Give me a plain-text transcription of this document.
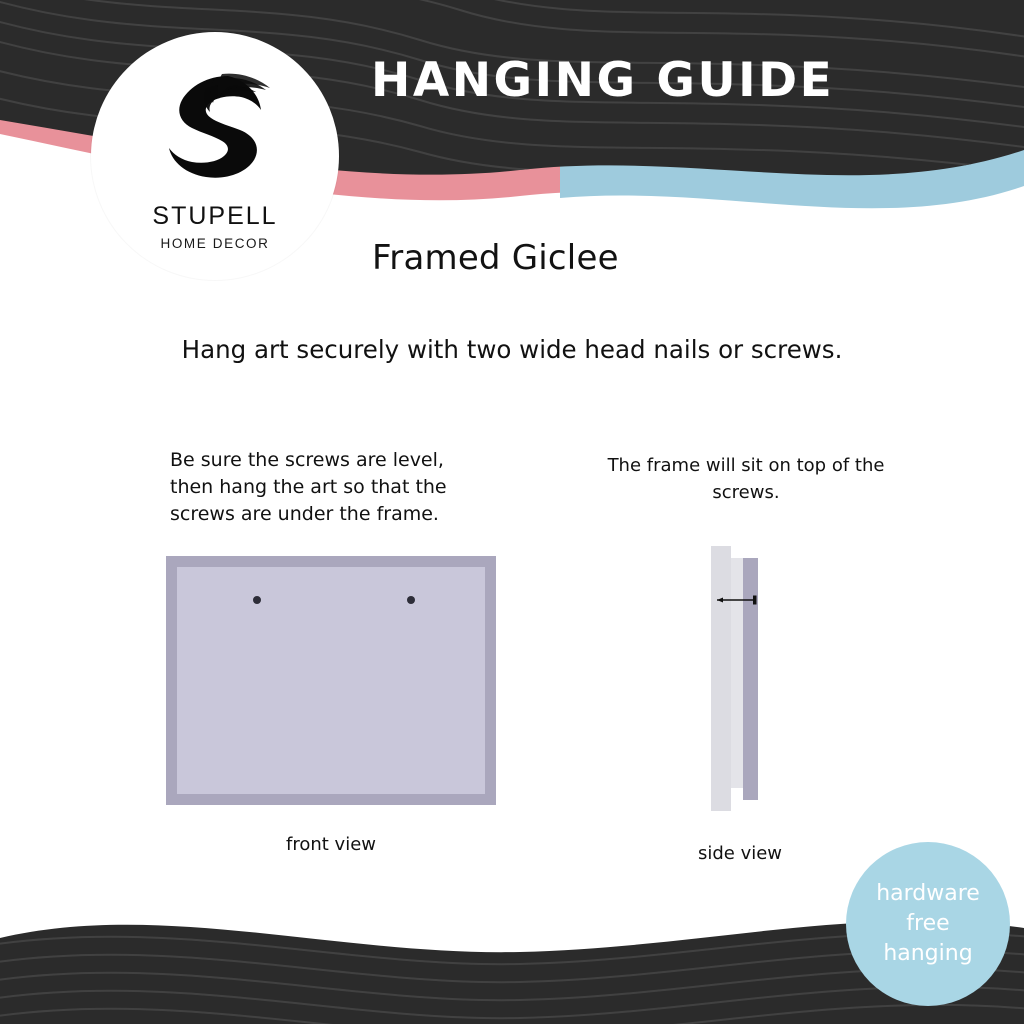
HANGING GUIDE
STUPELL
HOME DECOR	Framed Giclee
Hang art securely with two wide head nails or screws.
Be sure the screws are level, then hang the art so that the screws are under the frame.
The frame will sit on top of the screws.
front view	side view
hardware
free
hanging
